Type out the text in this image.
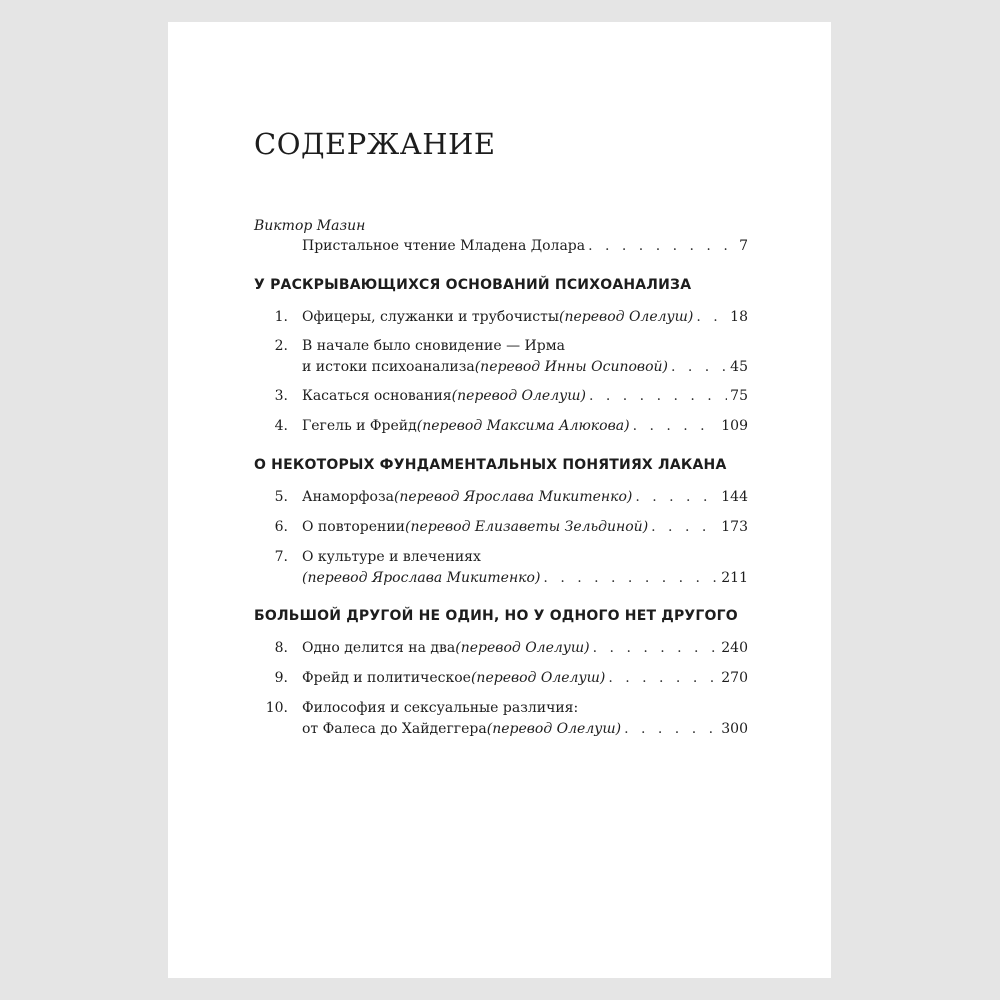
СОДЕРЖАНИЕ
Виктор Мазин
Пристальное чтение Младена Долара . . .	7
У РАСКРЫВАЮЩИХСЯ ОСНОВАНИЙ ПСИХОАНАЛИЗА
1.	Офицеры, служанки и трубочисты (перевод Олелуш) . . .	18
2. В начале было сновидение — Ирма
и истоки психоанализа (перевод Инны Осиповой) . . .	45
3.	Касаться основания (перевод Олелуш) . . .	75
4.	Гегель и Фрейд (перевод Максима Алюкова) . . .	109
О НЕКОТОРЫХ ФУНДАМЕНТАЛЬНЫХ ПОНЯТИЯХ ЛАКАНА
5.	Анаморфоза (перевод Ярослава Микитенко) . . .	144
6.	О повторении (перевод Елизаветы Зельдиной) . . .	173
7. О культуре и влечениях
(перевод Ярослава Микитенко) . . .	211
БОЛЬШОЙ ДРУГОЙ НЕ ОДИН, НО У ОДНОГО НЕТ ДРУГОГО
8.	Одно делится на два (перевод Олелуш) . . .	240
9.	Фрейд и политическое (перевод Олелуш) . . .	270
10. Философия и сексуальные различия:
от Фалеса до Хайдеггера (перевод Олелуш) . . .	300
